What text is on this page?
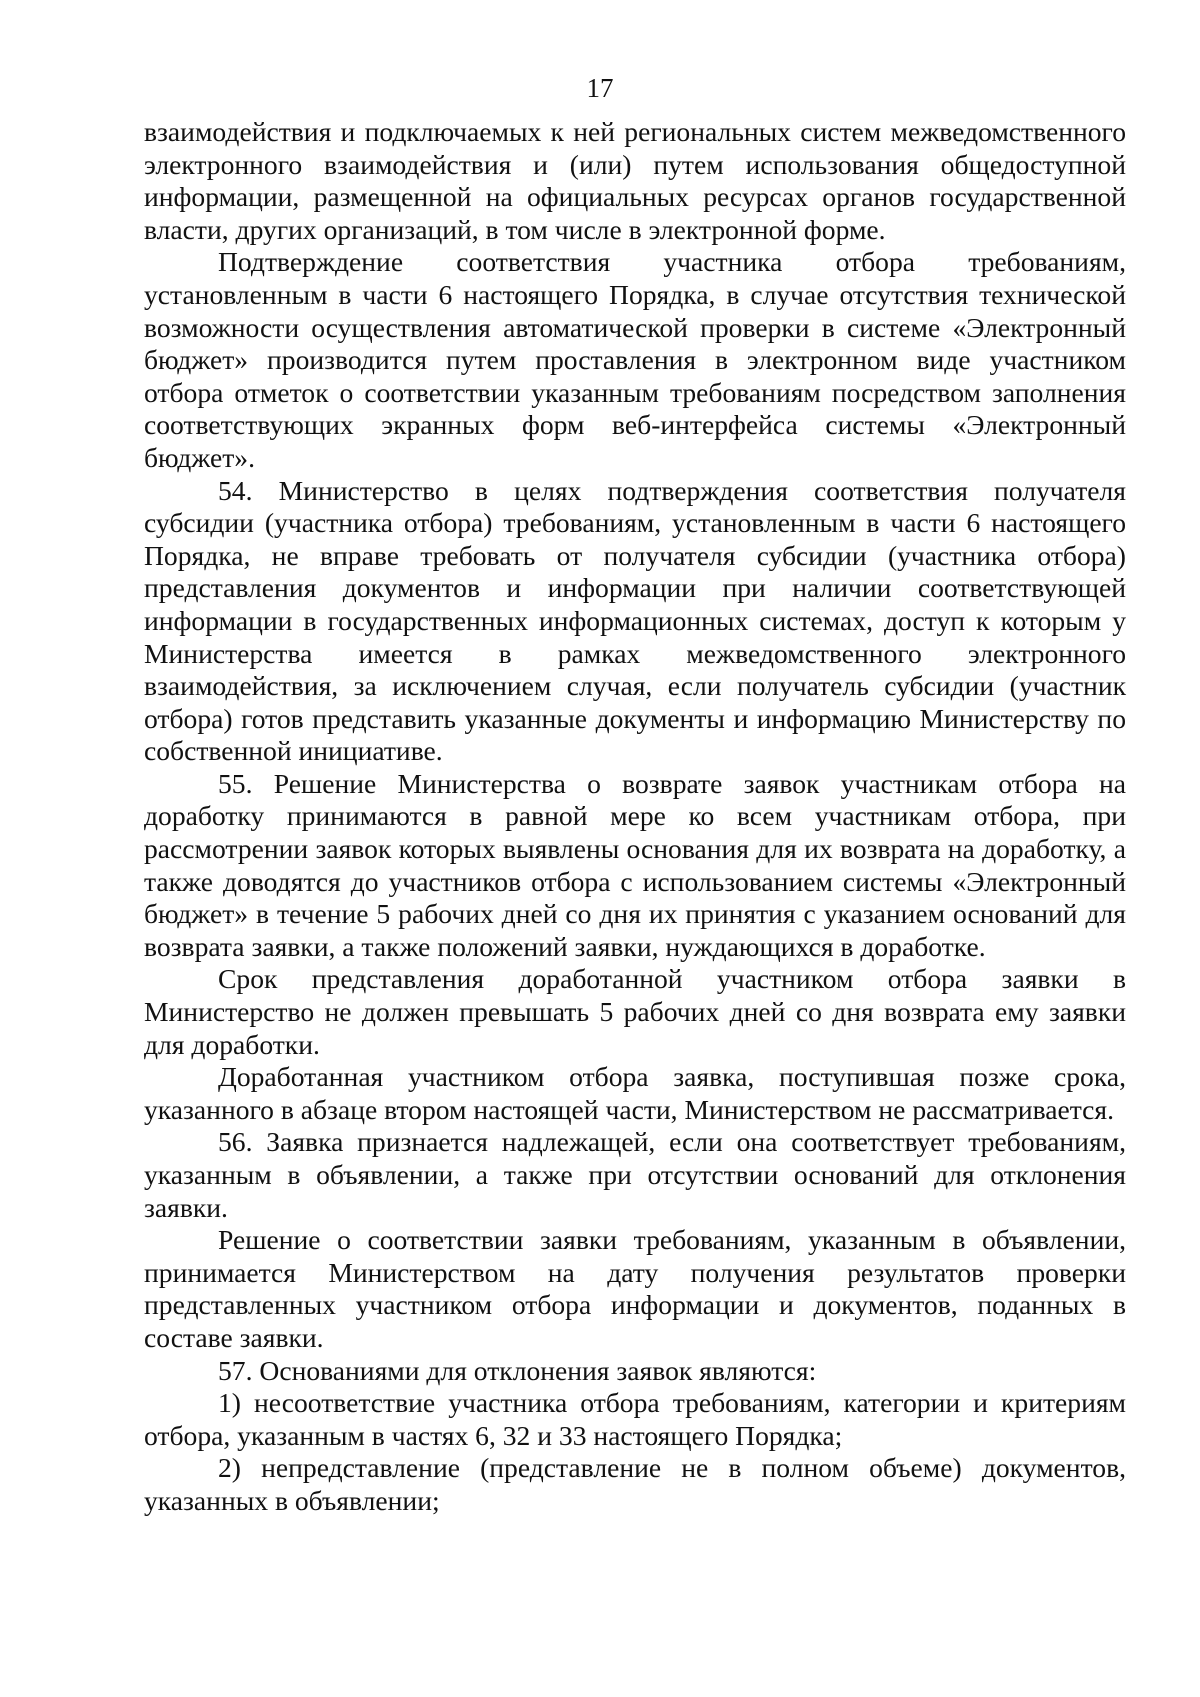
17

взаимодействия и подключаемых к ней региональных систем межведомственного электронного взаимодействия и (или) путем использования общедоступной информации, размещенной на официальных ресурсах органов государственной власти, других организаций, в том числе в электронной форме.

Подтверждение соответствия участника отбора требованиям, установленным в части 6 настоящего Порядка, в случае отсутствия технической возможности осуществления автоматической проверки в системе «Электронный бюджет» производится путем проставления в электронном виде участником отбора отметок о соответствии указанным требованиям посредством заполнения соответствующих экранных форм веб-интерфейса системы «Электронный бюджет».

54. Министерство в целях подтверждения соответствия получателя субсидии (участника отбора) требованиям, установленным в части 6 настоящего Порядка, не вправе требовать от получателя субсидии (участника отбора) представления документов и информации при наличии соответствующей информации в государственных информационных системах, доступ к которым у Министерства имеется в рамках межведомственного электронного взаимодействия, за исключением случая, если получатель субсидии (участник отбора) готов представить указанные документы и информацию Министерству по собственной инициативе.

55. Решение Министерства о возврате заявок участникам отбора на доработку принимаются в равной мере ко всем участникам отбора, при рассмотрении заявок которых выявлены основания для их возврата на доработку, а также доводятся до участников отбора с использованием системы «Электронный бюджет» в течение 5 рабочих дней со дня их принятия с указанием оснований для возврата заявки, а также положений заявки, нуждающихся в доработке.

Срок представления доработанной участником отбора заявки в Министерство не должен превышать 5 рабочих дней со дня возврата ему заявки для доработки.

Доработанная участником отбора заявка, поступившая позже срока, указанного в абзаце втором настоящей части, Министерством не рассматривается.

56. Заявка признается надлежащей, если она соответствует требованиям, указанным в объявлении, а также при отсутствии оснований для отклонения заявки.

Решение о соответствии заявки требованиям, указанным в объявлении, принимается Министерством на дату получения результатов проверки представленных участником отбора информации и документов, поданных в составе заявки.

57. Основаниями для отклонения заявок являются:

1) несоответствие участника отбора требованиям, категории и критериям отбора, указанным в частях 6, 32 и 33 настоящего Порядка;

2) непредставление (представление не в полном объеме) документов, указанных в объявлении;
